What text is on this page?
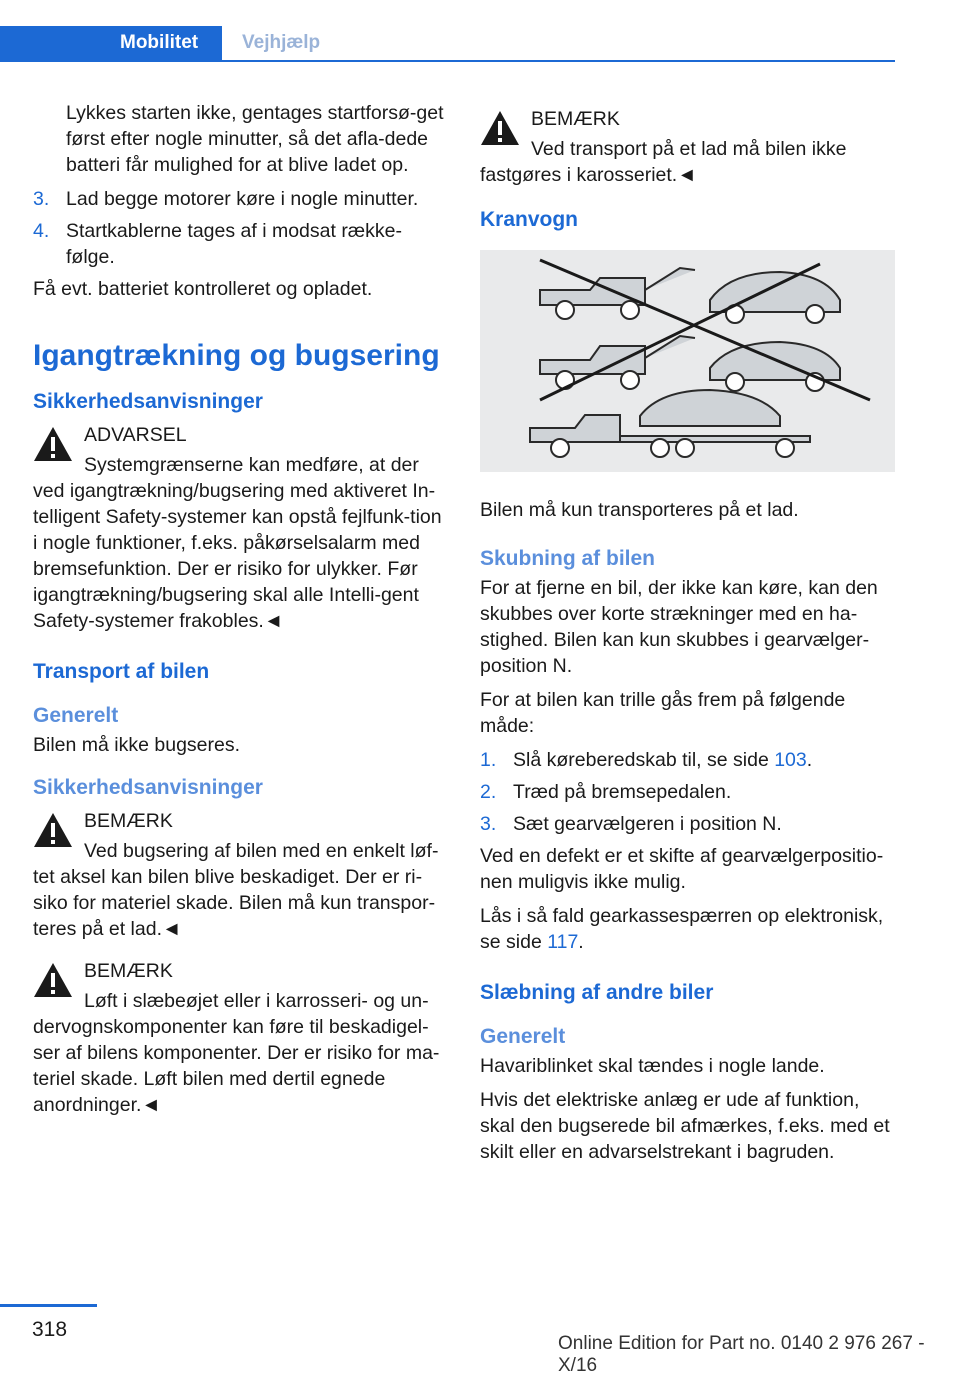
Mobilitet	Vejhjælp

Lykkes starten ikke, gentages startforsø-get først efter nogle minutter, så det afla-dede batteri får mulighed for at blive ladet op.

3. Lad begge motorer køre i nogle minutter.
4. Startkablerne tages af i modsat række-følge.

Få evt. batteriet kontrolleret og opladet.

Igangtrækning og bugsering
Sikkerhedsanvisninger
ADVARSEL
Systemgrænserne kan medføre, at der
ved igangtrækning/bugsering med aktiveret In-telligent Safety-systemer kan opstå fejlfunk-tion i nogle funktioner, f.eks. påkørselsalarm med bremsefunktion. Der er risiko for ulykker. Før igangtrækning/bugsering skal alle Intelli-gent Safety-systemer frakobles.◄
Transport af bilen
Generelt

Bilen må ikke bugseres.

Sikkerhedsanvisninger
BEMÆRK
Ved bugsering af bilen med en enkelt løf-
tet aksel kan bilen blive beskadiget. Der er ri-siko for materiel skade. Bilen må kun transpor-teres på et lad.◄
BEMÆRK
Løft i slæbeøjet eller i karrosseri- og un-
dervognskomponenter kan føre til beskadigel-ser af bilens komponenter. Der er risiko for ma-teriel skade. Løft bilen med dertil egnede anordninger.◄
BEMÆRK
Ved transport på et lad må bilen ikke
fastgøres i karosseriet.◄
Kranvogn

Bilen må kun transporteres på et lad.

Skubning af bilen

For at fjerne en bil, der ikke kan køre, kan den skubbes over korte strækninger med en ha-stighed. Bilen kan kun skubbes i gearvælger-position N.

For at bilen kan trille gås frem på følgende måde:

1. Slå køreberedskab til, se side 103.
2. Træd på bremsepedalen.
3. Sæt gearvælgeren i position N.

Ved en defekt er et skifte af gearvælgerpositio-nen muligvis ikke mulig.

Lås i så fald gearkassespærren op elektronisk, se side 117.

Slæbning af andre biler
Generelt

Havariblinket skal tændes i nogle lande.

Hvis det elektriske anlæg er ude af funktion, skal den bugserede bil afmærkes, f.eks. med et skilt eller en advarselstrekant i bagruden.

318
Online Edition for Part no. 0140 2 976 267 - X/16
